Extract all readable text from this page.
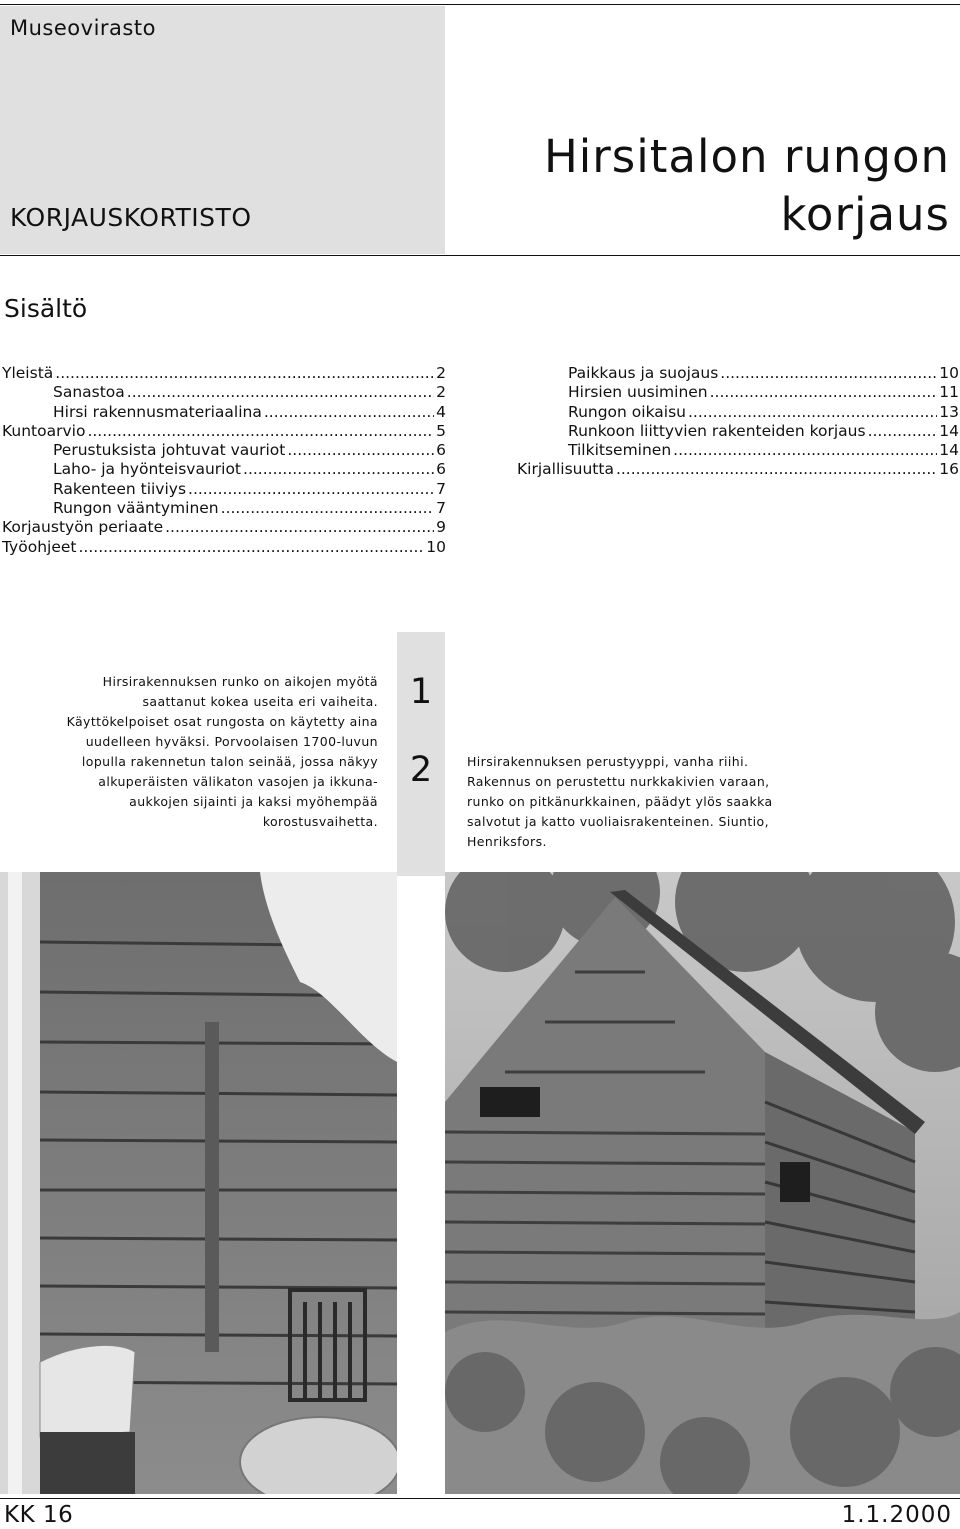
Museovirasto
KORJAUSKORTISTO
Hirsitalon rungon
korjaus
Sisältö
Yleistä .....	2
Sanastoa .....	2
Hirsi rakennusmateriaalina .....	4
Kuntoarvio .....	5
Perustuksista johtuvat vauriot .....	6
Laho- ja hyönteisvauriot .....	6
Rakenteen tiiviys .....	7
Rungon vääntyminen .....	7
Korjaustyön periaate .....	9
Työohjeet .....	10
Paikkaus ja suojaus .....	10
Hirsien uusiminen .....	11
Rungon oikaisu .....	13
Runkoon liittyvien rakenteiden korjaus .....	14
Tilkitseminen .....	14
Kirjallisuutta .....	16
Hirsirakennuksen runko on aikojen myötä saattanut kokea useita eri vaiheita. Käyttökelpoiset osat rungosta on käytetty aina uudelleen hyväksi. Porvoolaisen 1700-luvun lopulla rakennetun talon seinää, jossa näkyy alkuperäisten välikaton vasojen ja ikkuna-aukkojen sijainti ja kaksi myöhempää korostusvaihetta.
1
2	Hirsirakennuksen perustyyppi, vanha riihi. Rakennus on perustettu nurkkakivien varaan, runko on pitkänurkkainen, päädyt ylös saakka salvotut ja katto vuoliaisrakenteinen. Siuntio, Henriksfors.
KK 16	1.1.2000
